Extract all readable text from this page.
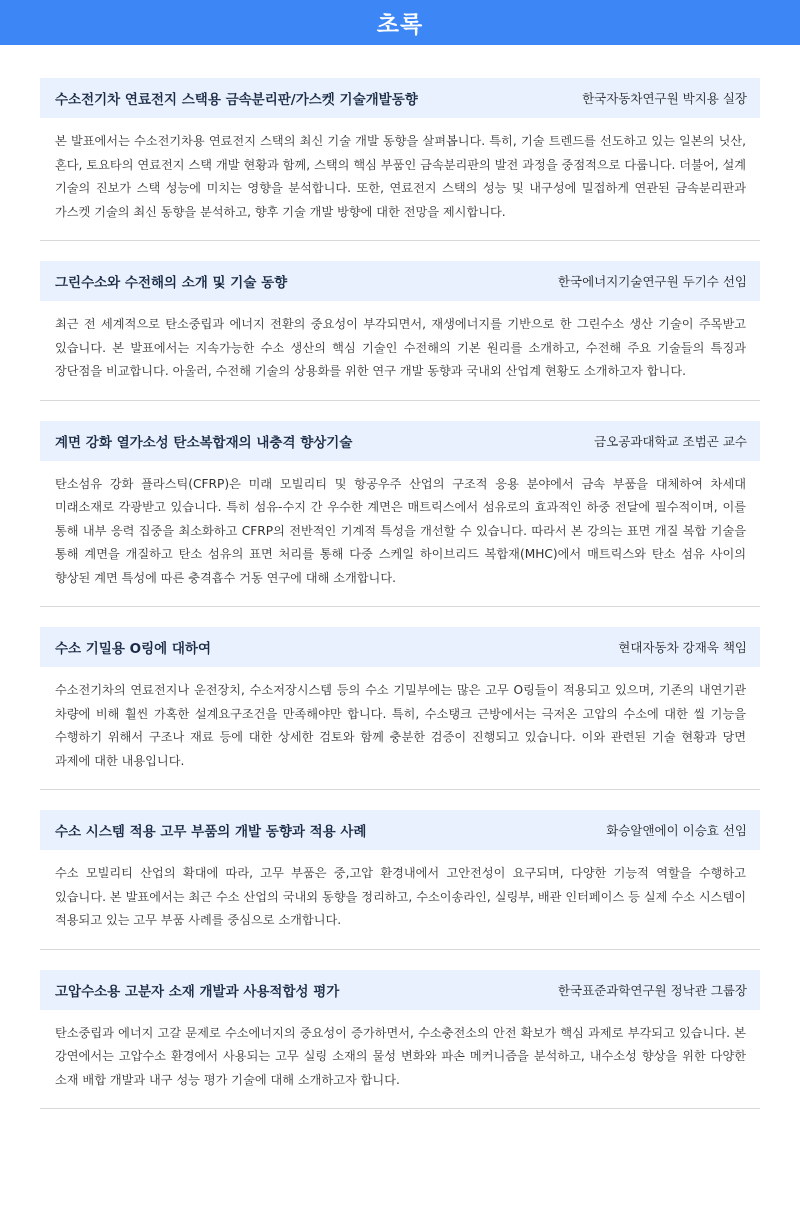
초록
수소전기차 연료전지 스택용 금속분리판/가스켓 기술개발동향	한국자동차연구원 박지용 실장
본 발표에서는 수소전기차용 연료전지 스택의 최신 기술 개발 동향을 살펴봅니다. 특히, 기술 트렌드를 선도하고 있는 일본의 닛산, 혼다, 토요타의 연료전지 스택 개발 현황과 함께, 스택의 핵심 부품인 금속분리판의 발전 과정을 중점적으로 다룹니다. 더불어, 설계 기술의 진보가 스택 성능에 미치는 영향을 분석합니다. 또한, 연료전지 스택의 성능 및 내구성에 밀접하게 연관된 금속분리판과 가스켓 기술의 최신 동향을 분석하고, 향후 기술 개발 방향에 대한 전망을 제시합니다.
그린수소와 수전해의 소개 및 기술 동향	한국에너지기술연구원 두기수 선임
최근 전 세계적으로 탄소중립과 에너지 전환의 중요성이 부각되면서, 재생에너지를 기반으로 한 그린수소 생산 기술이 주목받고 있습니다. 본 발표에서는 지속가능한 수소 생산의 핵심 기술인 수전해의 기본 원리를 소개하고, 수전해 주요 기술들의 특징과 장단점을 비교합니다. 아울러, 수전해 기술의 상용화를 위한 연구 개발 동향과 국내외 산업계 현황도 소개하고자 합니다.
계면 강화 열가소성 탄소복합재의 내충격 향상기술	금오공과대학교 조범곤 교수
탄소섬유 강화 플라스틱(CFRP)은 미래 모빌리티 및 항공우주 산업의 구조적 응용 분야에서 금속 부품을 대체하여 차세대 미래소재로 각광받고 있습니다. 특히 섬유-수지 간 우수한 계면은 매트릭스에서 섬유로의 효과적인 하중 전달에 필수적이며, 이를 통해 내부 응력 집중을 최소화하고 CFRP의 전반적인 기계적 특성을 개선할 수 있습니다. 따라서 본 강의는 표면 개질 복합 기술을 통해 계면을 개질하고 탄소 섬유의 표면 처리를 통해 다중 스케일 하이브리드 복합재(MHC)에서 매트릭스와 탄소 섬유 사이의 향상된 계면 특성에 따른 충격흡수 거동 연구에 대해 소개합니다.
수소 기밀용 O링에 대하여	현대자동차 강재욱 책임
수소전기차의 연료전지나 운전장치, 수소저장시스템 등의 수소 기밀부에는 많은 고무 O링들이 적용되고 있으며, 기존의 내연기관 차량에 비해 훨씬 가혹한 설계요구조건을 만족해야만 합니다. 특히, 수소탱크 근방에서는 극저온 고압의 수소에 대한 씰 기능을 수행하기 위해서 구조나 재료 등에 대한 상세한 검토와 함께 충분한 검증이 진행되고 있습니다. 이와 관련된 기술 현황과 당면 과제에 대한 내용입니다.
수소 시스템 적용 고무 부품의 개발 동향과 적용 사례	화승알앤에이 이승효 선임
수소 모빌리티 산업의 확대에 따라, 고무 부품은 중,고압 환경내에서 고안전성이 요구되며, 다양한 기능적 역할을 수행하고 있습니다. 본 발표에서는 최근 수소 산업의 국내외 동향을 정리하고, 수소이송라인, 실링부, 배관 인터페이스 등 실제 수소 시스템이 적용되고 있는 고무 부품 사례를 중심으로 소개합니다.
고압수소용 고분자 소재 개발과 사용적합성 평가	한국표준과학연구원 정낙관 그룹장
탄소중립과 에너지 고갈 문제로 수소에너지의 중요성이 증가하면서, 수소충전소의 안전 확보가 핵심 과제로 부각되고 있습니다. 본 강연에서는 고압수소 환경에서 사용되는 고무 실링 소재의 물성 변화와 파손 메커니즘을 분석하고, 내수소성 향상을 위한 다양한 소재 배합 개발과 내구 성능 평가 기술에 대해 소개하고자 합니다.
